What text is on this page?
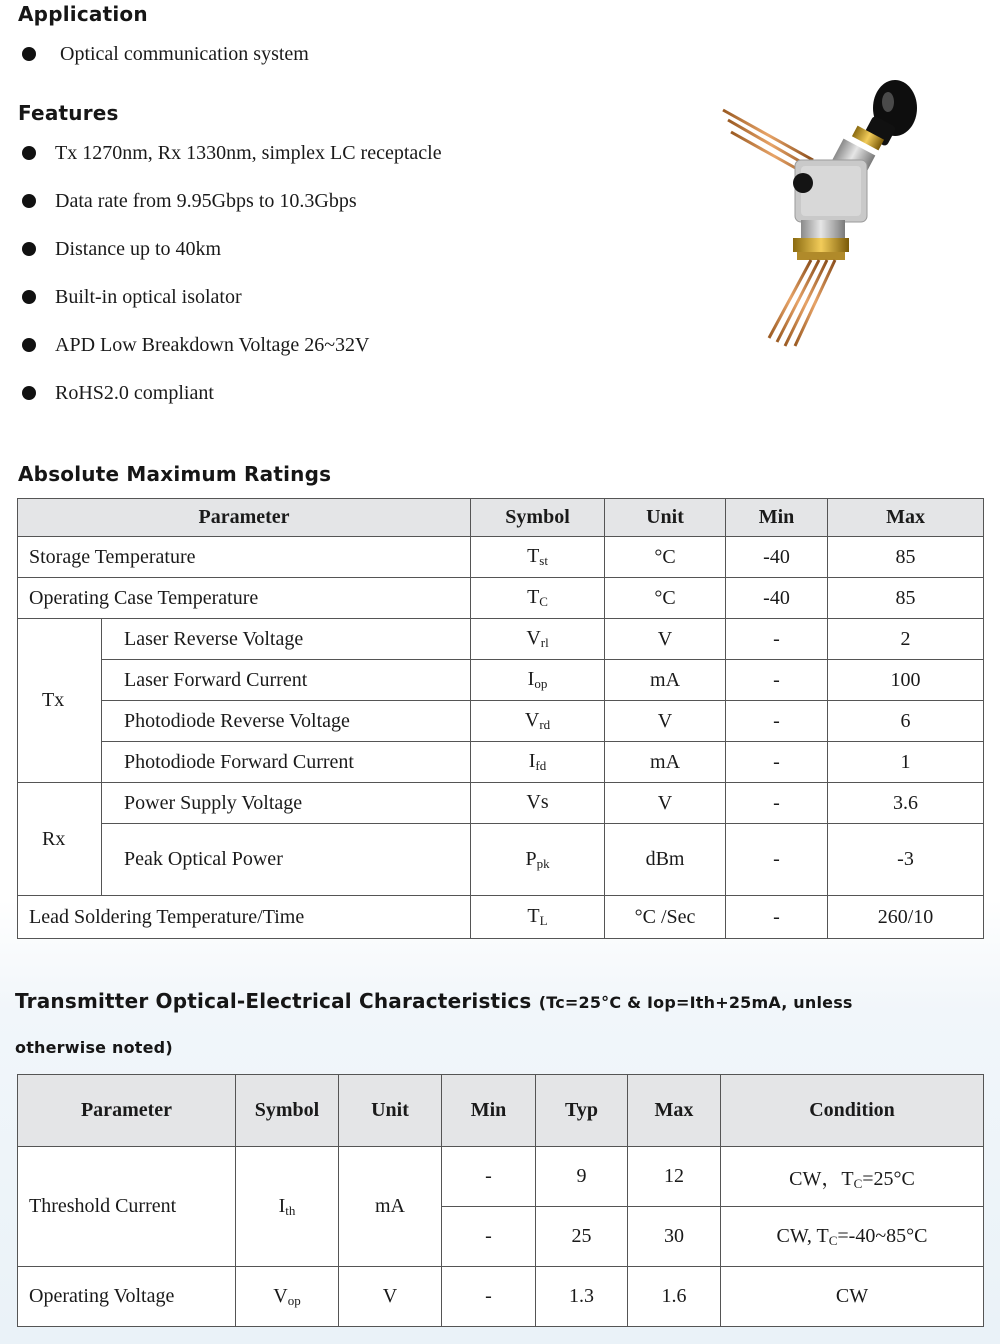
Application
Optical communication system
Features
Tx 1270nm, Rx 1330nm, simplex LC receptacle
Data rate from 9.95Gbps to 10.3Gbps
Distance up to 40km
Built-in optical isolator
APD Low Breakdown Voltage 26~32V
RoHS2.0 compliant
Absolute Maximum Ratings
Parameter		Symbol	Unit	Min	Max
Storage Temperature		$T_{st}$	°C	-40	85
Operating Case Temperature		$T_C$	°C	-40	85
Tx	Laser Reverse Voltage	$V_{rl}$	V	-	2
	Laser Forward Current	$I_{op}$	mA	-	100
	Photodiode Reverse Voltage	$V_{rd}$	V	-	6
	Photodiode Forward Current	$I_{fd}$	mA	-	1
Rx	Power Supply Voltage	Vs	V	-	3.6
	Peak Optical Power	$P_{pk}$	dBm	-	-3
Lead Soldering Temperature/Time		$T_L$	°C /Sec	-	260/10
Transmitter Optical-Electrical Characteristics (Tc=25°C & Iop=Ith+25mA, unless
otherwise noted)
Parameter	Symbol	Unit	Min	Typ	Max	Condition
Threshold Current	$I_{th}$	mA	-	9	12	CW，$T_C=25^\circ C$
			-	25	30	CW, $T_C=-40\sim 85^\circ C$
Operating Voltage	$V_{op}$	V	-	1.3	1.6	CW
